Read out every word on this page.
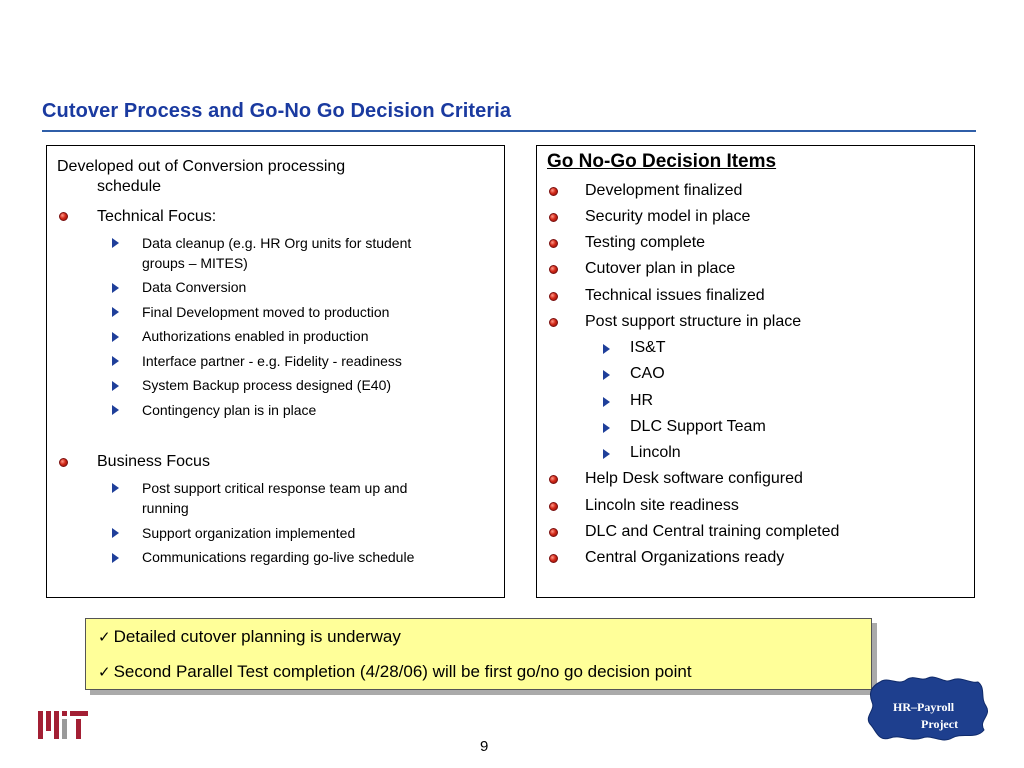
Cutover Process and Go-No Go Decision Criteria
Developed out of Conversion processing
schedule
Technical Focus:
Data cleanup (e.g. HR Org units for student
groups – MITES)
Data Conversion
Final Development moved to production
Authorizations enabled in production
Interface partner - e.g. Fidelity - readiness
System Backup process designed (E40)
Contingency plan is in place
Business Focus
Post support critical response team up and
running
Support organization implemented
Communications regarding go-live schedule
Go No-Go Decision Items
Development finalized
Security model in place
Testing complete
Cutover plan in place
Technical issues finalized
Post support structure in place
IS&T
CAO
HR
DLC Support Team
Lincoln
Help Desk software configured
Lincoln site readiness
DLC and Central training completed
Central Organizations ready
✓ Detailed cutover planning is underway
✓ Second Parallel Test completion (4/28/06) will be first go/no go decision point
9
HR–Payroll
Project
